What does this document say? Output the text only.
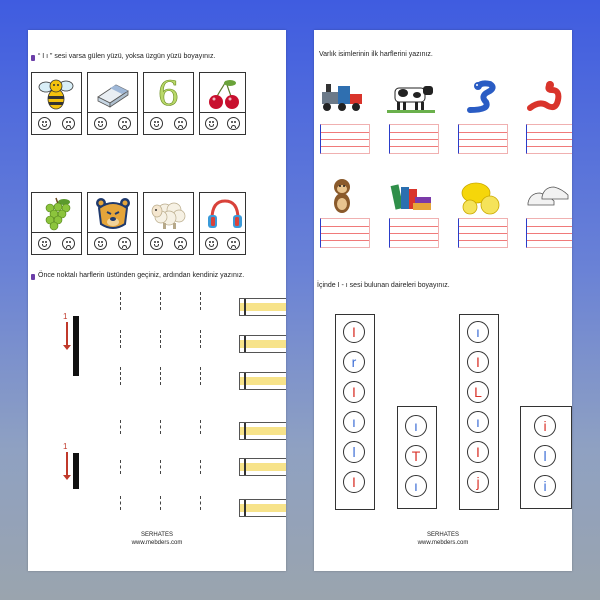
“ I ı ” sesi varsa gülen yüzü, yoksa üzgün yüzü boyayınız.
6
Önce noktalı harflerin üstünden geçiniz, ardından kendiniz yazınız.
1
1
SERHATES
www.mebders.com
Varlık isimlerinin ilk harflerini yazınız.
İçinde I - ı sesi bulunan daireleri boyayınız.
I
r
I
ı
l
I
ı
T
ı
ı
I
L
ı
I
j
i
l
i
SERHATES
www.mebders.com
